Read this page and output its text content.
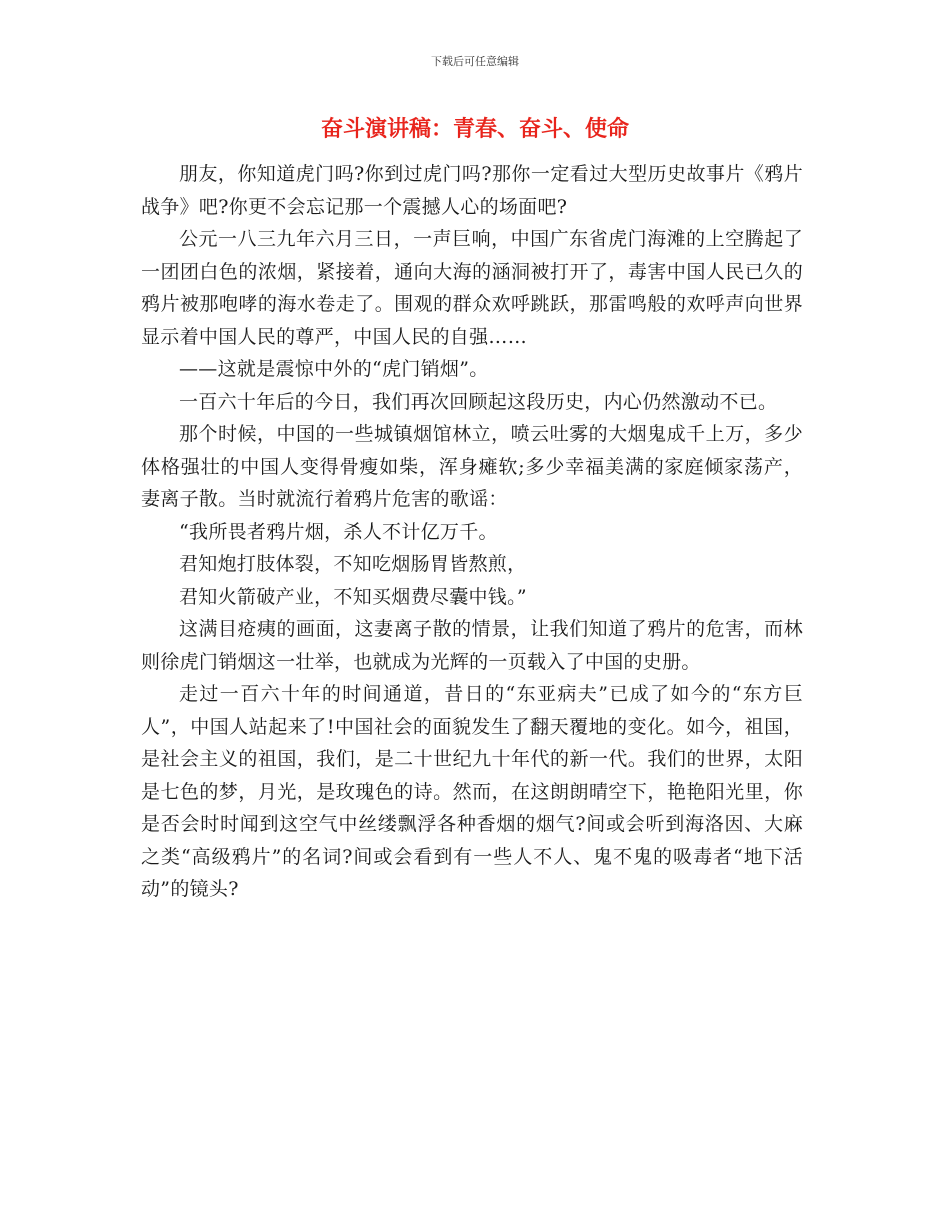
下载后可任意编辑
奋斗演讲稿：青春、奋斗、使命

朋友，你知道虎门吗?你到过虎门吗?那你一定看过大型历史故事片《鸦片战争》吧?你更不会忘记那一个震撼人心的场面吧?

公元一八三九年六月三日，一声巨响，中国广东省虎门海滩的上空腾起了一团团白色的浓烟，紧接着，通向大海的涵洞被打开了，毒害中国人民已久的鸦片被那咆哮的海水卷走了。围观的群众欢呼跳跃，那雷鸣般的欢呼声向世界显示着中国人民的尊严，中国人民的自强……

——这就是震惊中外的“虎门销烟”。

一百六十年后的今日，我们再次回顾起这段历史，内心仍然激动不已。

那个时候，中国的一些城镇烟馆林立，喷云吐雾的大烟鬼成千上万，多少体格强壮的中国人变得骨瘦如柴，浑身瘫软;多少幸福美满的家庭倾家荡产，妻离子散。当时就流行着鸦片危害的歌谣：

“我所畏者鸦片烟，杀人不计亿万千。

君知炮打肢体裂，不知吃烟肠胃皆熬煎，

君知火箭破产业，不知买烟费尽囊中钱。”

这满目疮痍的画面，这妻离子散的情景，让我们知道了鸦片的危害，而林则徐虎门销烟这一壮举，也就成为光辉的一页载入了中国的史册。

走过一百六十年的时间通道，昔日的“东亚病夫”已成了如今的“东方巨人”，中国人站起来了!中国社会的面貌发生了翻天覆地的变化。如今，祖国，是社会主义的祖国，我们，是二十世纪九十年代的新一代。我们的世界，太阳是七色的梦，月光，是玫瑰色的诗。然而，在这朗朗晴空下，艳艳阳光里，你是否会时时闻到这空气中丝缕飘浮各种香烟的烟气?间或会听到海洛因、大麻之类“高级鸦片”的名词?间或会看到有一些人不人、鬼不鬼的吸毒者“地下活动”的镜头?
